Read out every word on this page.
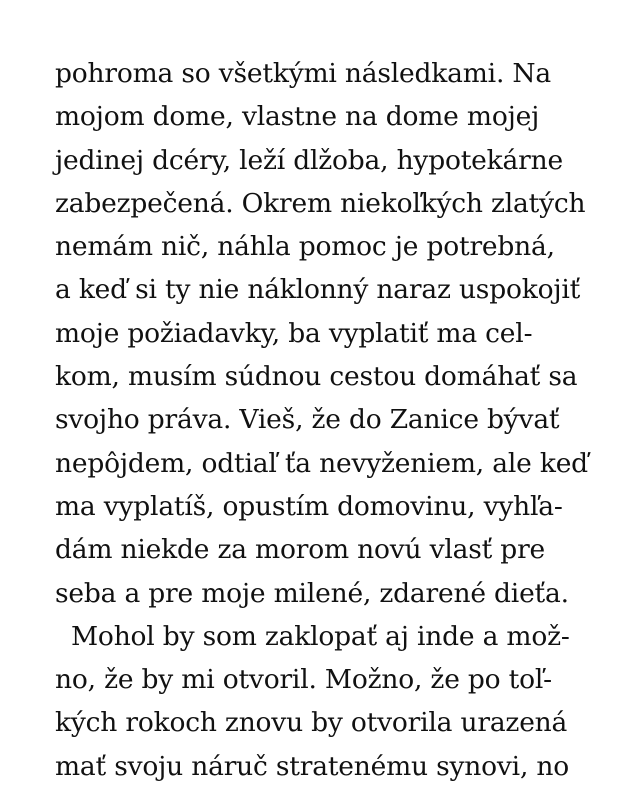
pohroma so všetkými následkami. Na
mojom dome, vlastne na dome mojej
jedinej dcéry, leží dlžoba, hypotekárne
zabezpečená. Okrem niekoľkých zlatých
nemám nič, náhla pomoc je potrebná,
a keď si ty nie náklonný naraz uspokojiť
moje požiadavky, ba vyplatiť ma cel-
kom, musím súdnou cestou domáhať sa
svojho práva. Vieš, že do Zanice bývať
nepôjdem, odtiaľ ťa nevyženiem, ale keď
ma vyplatíš, opustím domovinu, vyhľa-
dám niekde za morom novú vlasť pre
seba a pre moje milené, zdarené dieťa.
Mohol by som zaklopať aj inde a mož-
no, že by mi otvoril. Možno, že po toľ-
kých rokoch znovu by otvorila urazená
mať svoju náruč stratenému synovi, no
